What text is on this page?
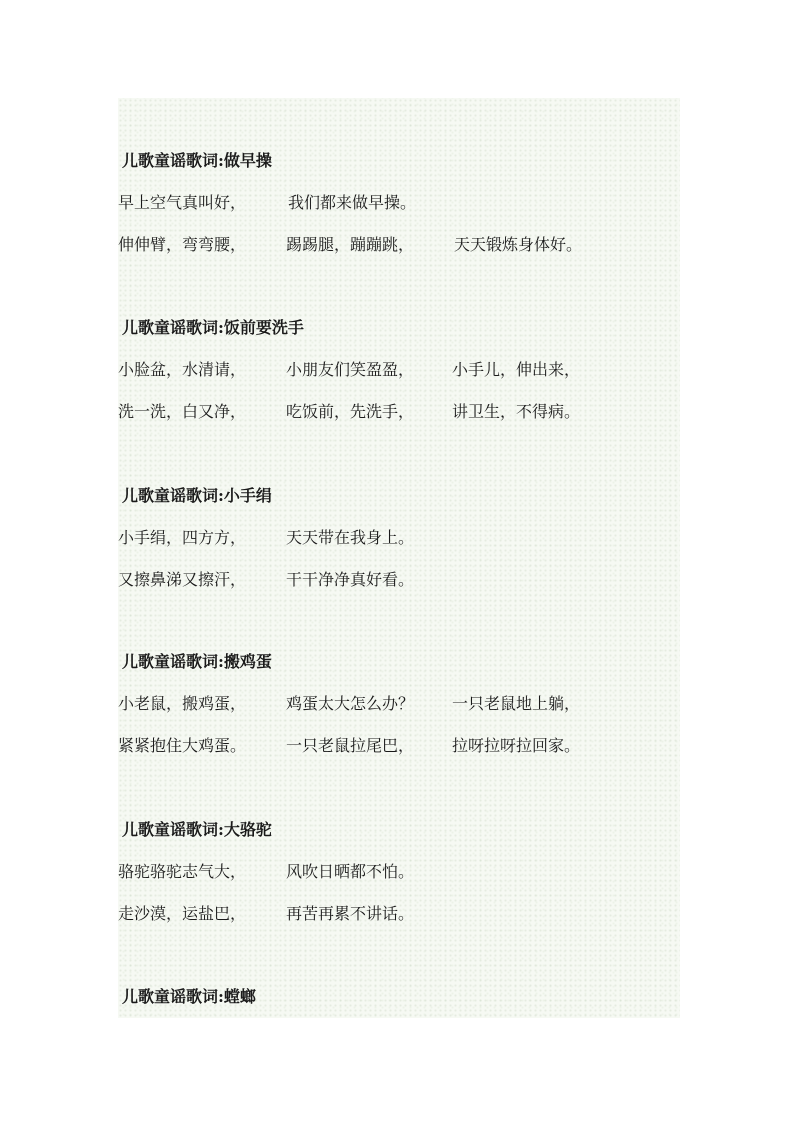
儿歌童谣歌词:做早操
早上空气真叫好，	我们都来做早操。
伸伸臂，弯弯腰， 踢踢腿，蹦蹦跳， 天天锻炼身体好。
儿歌童谣歌词:饭前要洗手
小脸盆，水清请， 小朋友们笑盈盈， 小手儿，伸出来，
洗一洗，白又净， 吃饭前，先洗手， 讲卫生，不得病。
儿歌童谣歌词:小手绢
小手绢，四方方， 天天带在我身上。
又擦鼻涕又擦汗， 干干净净真好看。
儿歌童谣歌词:搬鸡蛋
小老鼠，搬鸡蛋， 鸡蛋太大怎么办？ 一只老鼠地上躺，
紧紧抱住大鸡蛋。 一只老鼠拉尾巴， 拉呀拉呀拉回家。
儿歌童谣歌词:大骆驼
骆驼骆驼志气大， 风吹日晒都不怕。
走沙漠，运盐巴， 再苦再累不讲话。
儿歌童谣歌词:螳螂
